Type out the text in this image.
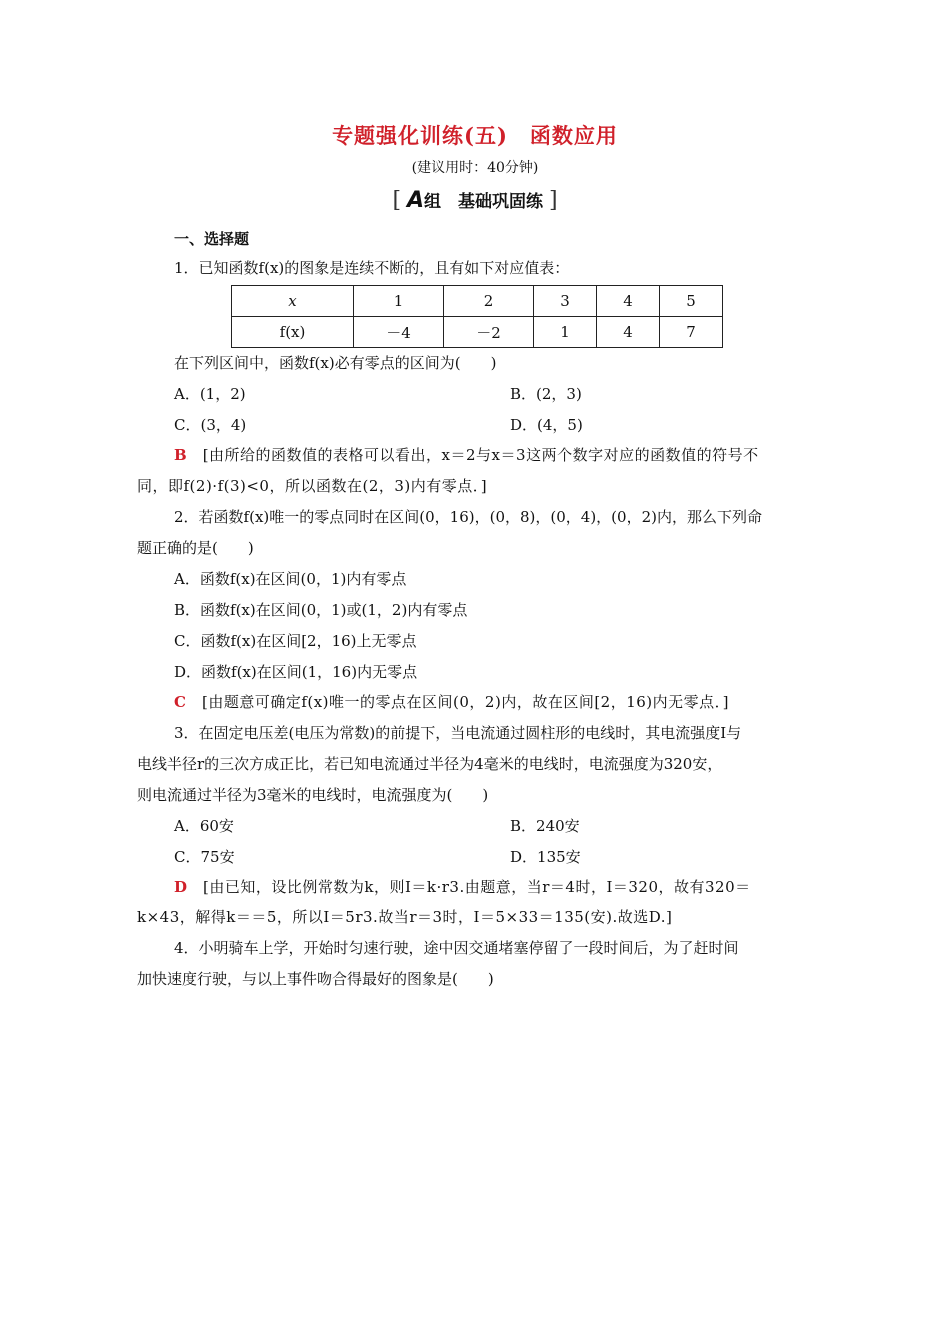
专题强化训练(五)　函数应用
(建议用时：40分钟)
[ A组　基础巩固练 ]
一、选择题
1．已知函数f(x)的图象是连续不断的，且有如下对应值表：
x	1	2	3	4	5
f(x)	－4	－2	1	4	7
在下列区间中，函数f(x)必有零点的区间为(　　)
A．(1，2)	B．(2，3)
C．(3，4)	D．(4，5)
B　 [由所给的函数值的表格可以看出，x＝2与x＝3这两个数字对应的函数值的符号不
同，即f(2)·f(3)<0，所以函数在(2，3)内有零点．]
2．若函数f(x)唯一的零点同时在区间(0，16)，(0，8)，(0，4)，(0，2)内，那么下列命
题正确的是(　　)
A．函数f(x)在区间(0，1)内有零点
B．函数f(x)在区间(0，1)或(1，2)内有零点
C．函数f(x)在区间[2，16)上无零点
D．函数f(x)在区间(1，16)内无零点
C　 [由题意可确定f(x)唯一的零点在区间(0，2)内，故在区间[2，16)内无零点．]
3．在固定电压差(电压为常数)的前提下，当电流通过圆柱形的电线时，其电流强度I与
电线半径r的三次方成正比，若已知电流通过半径为4毫米的电线时，电流强度为320安，
则电流通过半径为3毫米的电线时，电流强度为(　　)
A．60安	B．240安
C．75安	D．135安
D　 [由已知，设比例常数为k，则I＝k·r3.由题意，当r＝4时，I＝320，故有320＝
k×43，解得k＝＝5，所以I＝5r3.故当r＝3时，I＝5×33＝135(安).故选D.]
4．小明骑车上学，开始时匀速行驶，途中因交通堵塞停留了一段时间后，为了赶时间
加快速度行驶，与以上事件吻合得最好的图象是(　　)
